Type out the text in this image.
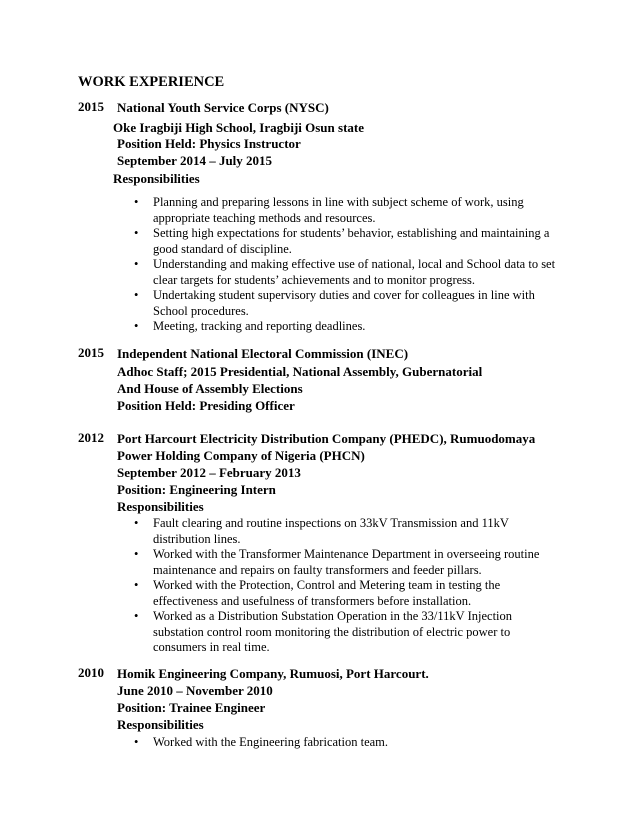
WORK EXPERIENCE
2015 National Youth Service Corps (NYSC)
Oke Iragbiji High School, Iragbiji Osun state
Position Held: Physics Instructor
September 2014 – July 2015
Responsibilities
• Planning and preparing lessons in line with subject scheme of work, using appropriate teaching methods and resources.
• Setting high expectations for students’ behavior, establishing and maintaining a good standard of discipline.
• Understanding and making effective use of national, local and School data to set clear targets for students’ achievements and to monitor progress.
• Undertaking student supervisory duties and cover for colleagues in line with School procedures.
• Meeting, tracking and reporting deadlines.
2015 Independent National Electoral Commission (INEC)
Adhoc Staff; 2015 Presidential, National Assembly, Gubernatorial
And House of Assembly Elections
Position Held: Presiding Officer
2012 Port Harcourt Electricity Distribution Company (PHEDC), Rumuodomaya
Power Holding Company of Nigeria (PHCN)
September 2012 – February 2013
Position: Engineering Intern
Responsibilities
• Fault clearing and routine inspections on 33kV Transmission and 11kV distribution lines.
• Worked with the Transformer Maintenance Department in overseeing routine maintenance and repairs on faulty transformers and feeder pillars.
• Worked with the Protection, Control and Metering team in testing the effectiveness and usefulness of transformers before installation.
• Worked as a Distribution Substation Operation in the 33/11kV Injection substation control room monitoring the distribution of electric power to consumers in real time.
2010 Homik Engineering Company, Rumuosi, Port Harcourt.
June 2010 – November 2010
Position: Trainee Engineer
Responsibilities
• Worked with the Engineering fabrication team.
